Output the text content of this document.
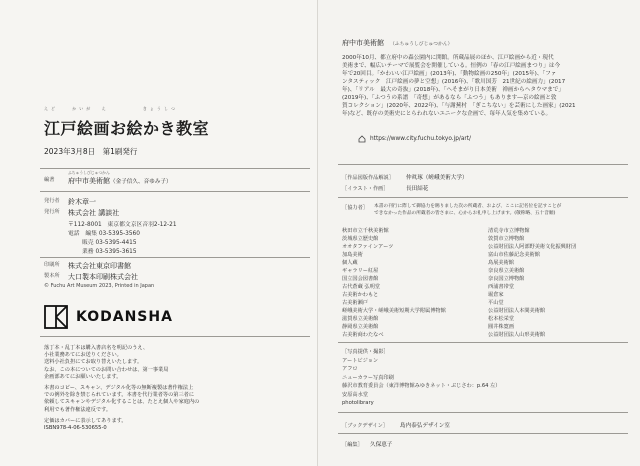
えど	かいが え	きょうしつ
江戸絵画お絵かき教室
2023年3月8日　第1刷発行
編著
ふちゅうしびじゅつかん
府中市美術館（金子信久、音ゆみ子）
発行者 鈴木章一
発行所 株式会社 講談社
〒112-8001　東京都文京区音羽2-12-21
電話　編集 03-5395-3560
販売 03-5395-4415
業務 03-5395-3615
印刷所 株式会社東京印書館
製本所 大口製本印刷株式会社
© Fuchu Art Museum 2023, Printed in Japan
KODANSHA
落丁本・乱丁本は購入書店名を明記のうえ、
小社業務あてにお送りください。
送料小社負担にてお取り替えいたします。
なお、この本についてのお問い合わせは、第一事業局
企画部あてにお願いいたします。
本書のコピー、スキャン、デジタル化等の無断複製は著作権法上
での例外を除き禁じられています。本書を代行業者等の第三者に
依頼してスキャンやデジタル化することは、たとえ個人や家庭内の
利用でも著作権法違反です。
定価はカバーに表示してあります。
ISBN978-4-06-530655-0
府中市美術館 （ふちゅうしびじゅつかん）
2000年10月、都立府中の森公園内に開館。所蔵品展のほか、江戸絵画から近・現代
美術まで、幅広いテーマで展覧会を開催している。恒例の「春の江戸絵画まつり」は今
年で20回目。「かわいい江戸絵画」(2013年)、「動物絵画の250年」(2015年)、「ファ
ンタスティック　江戸絵画の夢と空想」(2016年)、「歌川国芳　21世紀の絵画力」(2017
年)、「リアル　最大の奇抜」(2018年)、「へそまがり日本美術　禅画からヘタウマまで」
(2019年)、「ふつうの系譜　「奇想」があるなら「ふつう」もあります―京の絵画と敦
賀コレクション」(2020年、2022年)、「与謝蕪村　「ぎこちない」を芸術にした画家」(2021
年)など、既存の美術史にとらわれないユニークな企画で、毎年人気を集めている。
https://www.city.fuchu.tokyo.jp/art/
［作品図版作品解説］ 仲眞琢（嵯峨美術大学）
［イラスト・作画］	長田結花
［協力者］ 本書の刊行に際して御協力を賜りました次の所蔵者、および、ここに記名位を記すことが
できなかった作品の所蔵者の皆さまに、心からお礼申し上げます。(敬称略、五十音順)
秋田市立千秋美術館
茨城県立歴史館
オオタファインアーツ
加島美術
個人蔵
ギャラリー紅屋
国立国会図書館
古代蒼蔵 弘明堂
古美術かわもと
古美術瀬戸
嵯峨美術大学・嵯峨美術短期大学附属博物館
滋賀県立美術館
静岡県立美術館
古美術商わたなべ
清荒寺市立博物館
敦賀市立博物館
公益財団法人阿部野美術文化振興財団
富山市佐藤記念美術館
鳥展美術館
奈良県立美術館
奈良国立博物館
西浦書帯堂
堀倉家
平山堂
公益財団法人本間美術館
松本松栄堂
圓井株寛画
公益財団法人山形美術館
［写真提供・撮影］
アートビジョン
アフロ
ニューカラー写真印刷
藤沢市教育委員会（東洋博物館みゆきネット・ぶじさわ：p.64 左）
安原高水堂
photolibrary
［ブックデザイン］ 島内泰弘デザイン室
［編集］ 久保恵子
